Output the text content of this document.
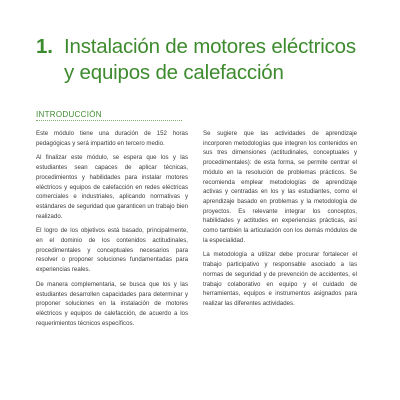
1. Instalación de motores eléctricos
y equipos de calefacción
INTRODUCCIÓN

Este módulo tiene una duración de 152 horas pedagógicas y será impartido en tercero medio.

Al finalizar este módulo, se espera que los y las estudiantes sean capaces de aplicar técnicas, procedimientos y habilidades para instalar motores eléctricos y equipos de calefacción en redes eléctricas comerciales e industriales, aplicando normativas y estándares de seguridad que garanticen un trabajo bien realizado.

El logro de los objetivos está basado, principalmente, en el dominio de los contenidos actitudinales, procedimentales y conceptuales necesarios para resolver o proponer soluciones fundamentadas para experiencias reales.

De manera complementaria, se busca que los y las estudiantes desarrollen capacidades para determinar y proponer soluciones en la instalación de motores eléctricos y equipos de calefacción, de acuerdo a los requerimientos técnicos específicos.

Se sugiere que las actividades de aprendizaje incorporen metodologías que integren los contenidos en sus tres dimensiones (actitudinales, conceptuales y procedimentales): de esta forma, se permite centrar el módulo en la resolución de problemas prácticos. Se recomienda emplear metodologías de aprendizaje activas y centradas en los y las estudiantes, como el aprendizaje basado en problemas y la metodología de proyectos. Es relevante integrar los conceptos, habilidades y actitudes en experiencias prácticas, así como también la articulación con los demás módulos de la especialidad.

La metodología a utilizar debe procurar fortalecer el trabajo participativo y responsable asociado a las normas de seguridad y de prevención de accidentes, el trabajo colaborativo en equipo y el cuidado de herramientas, equipos e instrumentos asignados para realizar las diferentes actividades.
